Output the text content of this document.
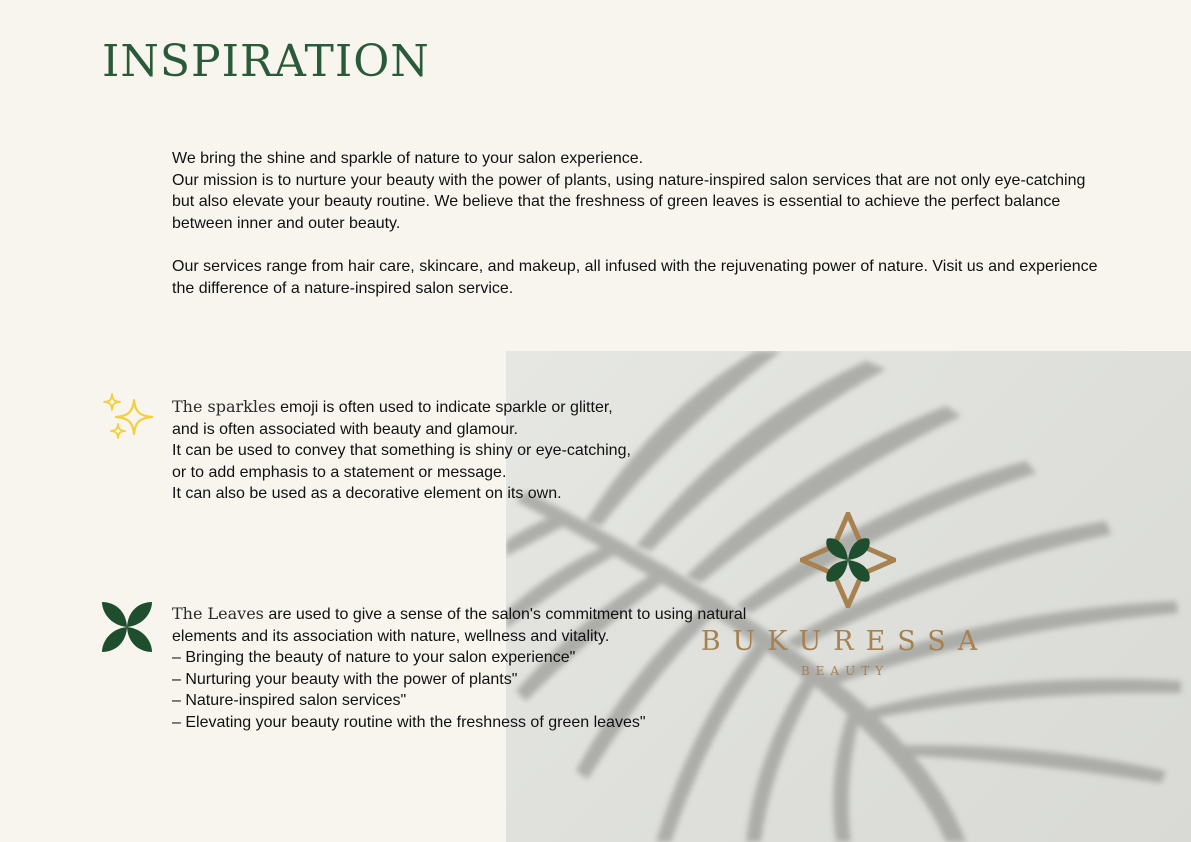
INSPIRATION

We bring the shine and sparkle of nature to your salon experience.

Our mission is to nurture your beauty with the power of plants, using nature-inspired salon services that are not only eye-catching but also elevate your beauty routine. We believe that the freshness of green leaves is essential to achieve the perfect balance between inner and outer beauty.

Our services range from hair care, skincare, and makeup, all infused with the rejuvenating power of nature. Visit us and experience the difference of a nature-inspired salon service.

BUKURESSA
BEAUTY

The sparkles emoji is often used to indicate sparkle or glitter,

and is often associated with beauty and glamour.

It can be used to convey that something is shiny or eye-catching,

or to add emphasis to a statement or message.

It can also be used as a decorative element on its own.

The Leaves are used to give a sense of the salon's commitment to using natural

elements and its association with nature, wellness and vitality.

– Bringing the beauty of nature to your salon experience"

– Nurturing your beauty with the power of plants"

– Nature-inspired salon services"

– Elevating your beauty routine with the freshness of green leaves"
